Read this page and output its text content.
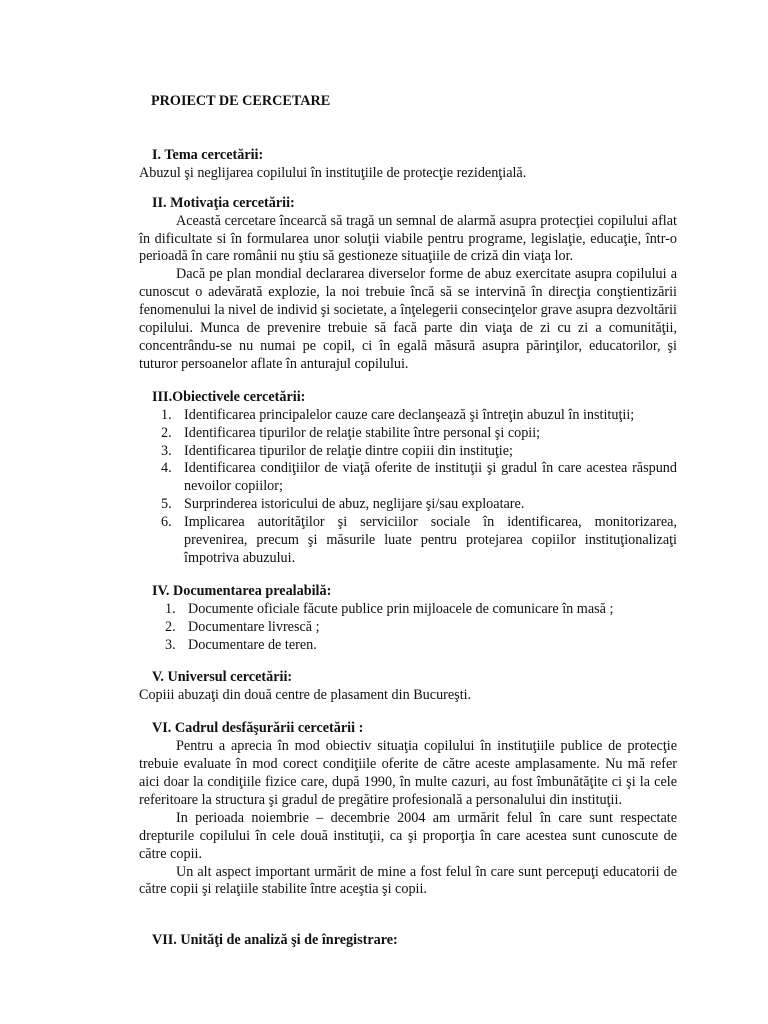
PROIECT DE CERCETARE
I. Tema cercetării:
Abuzul şi neglijarea copilului în instituţiile de protecţie rezidenţială.
II. Motivaţia cercetării:
Această cercetare încearcă să tragă un semnal de alarmă asupra protecţiei copilului aflat în dificultate si în formularea unor soluţii viabile pentru programe, legislaţie, educaţie, într-o perioadă în care românii nu ştiu să gestioneze situaţiile de criză din viaţa lor.
Dacă pe plan mondial declararea diverselor forme de abuz exercitate asupra copilului a cunoscut o adevărată explozie, la noi trebuie încă să se intervină în direcţia conştientizării fenomenului la nivel de individ şi societate, a înţelegerii consecinţelor grave asupra dezvoltării copilului. Munca de prevenire trebuie să facă parte din viaţa de zi cu zi a comunităţii, concentrându-se nu numai pe copil, ci în egală măsură asupra părinţilor, educatorilor, şi tuturor persoanelor aflate în anturajul copilului.
III.Obiectivele cercetării:
1. Identificarea principalelor cauze care declanşează şi întreţin abuzul în instituţii;
2. Identificarea tipurilor de relaţie stabilite între personal şi copii;
3. Identificarea tipurilor de relaţie dintre copiii din instituţie;
4. Identificarea condiţiilor de viaţă oferite de instituţii şi gradul în care acestea răspund nevoilor copiilor;
5. Surprinderea istoricului de abuz, neglijare şi/sau exploatare.
6. Implicarea autorităţilor şi serviciilor sociale în identificarea, monitorizarea, prevenirea, precum şi măsurile luate pentru protejarea copiilor instituţionalizaţi împotriva abuzului.
IV. Documentarea prealabilă:
1. Documente oficiale făcute publice prin mijloacele de comunicare în masă ;
2. Documentare livrescă ;
3. Documentare de teren.
V. Universul cercetării:
Copiii abuzaţi din două centre de plasament din Bucureşti.
VI. Cadrul desfăşurării cercetării :
Pentru a aprecia în mod obiectiv situaţia copilului în instituţiile publice de protecţie trebuie evaluate în mod corect condiţiile oferite de către aceste amplasamente. Nu mă refer aici doar la condiţiile fizice care, după 1990, în multe cazuri, au fost îmbunătăţite ci şi la cele referitoare la structura şi gradul de pregătire profesională a personalului din instituţii.
In perioada noiembrie – decembrie 2004 am urmărit felul în care sunt respectate drepturile copilului în cele două instituţii, ca şi proporţia în care acestea sunt cunoscute de către copii.
Un alt aspect important urmărit de mine a fost felul în care sunt percepuţi educatorii de către copii şi relaţiile stabilite între aceştia şi copii.
VII. Unităţi de analiză şi de înregistrare:
